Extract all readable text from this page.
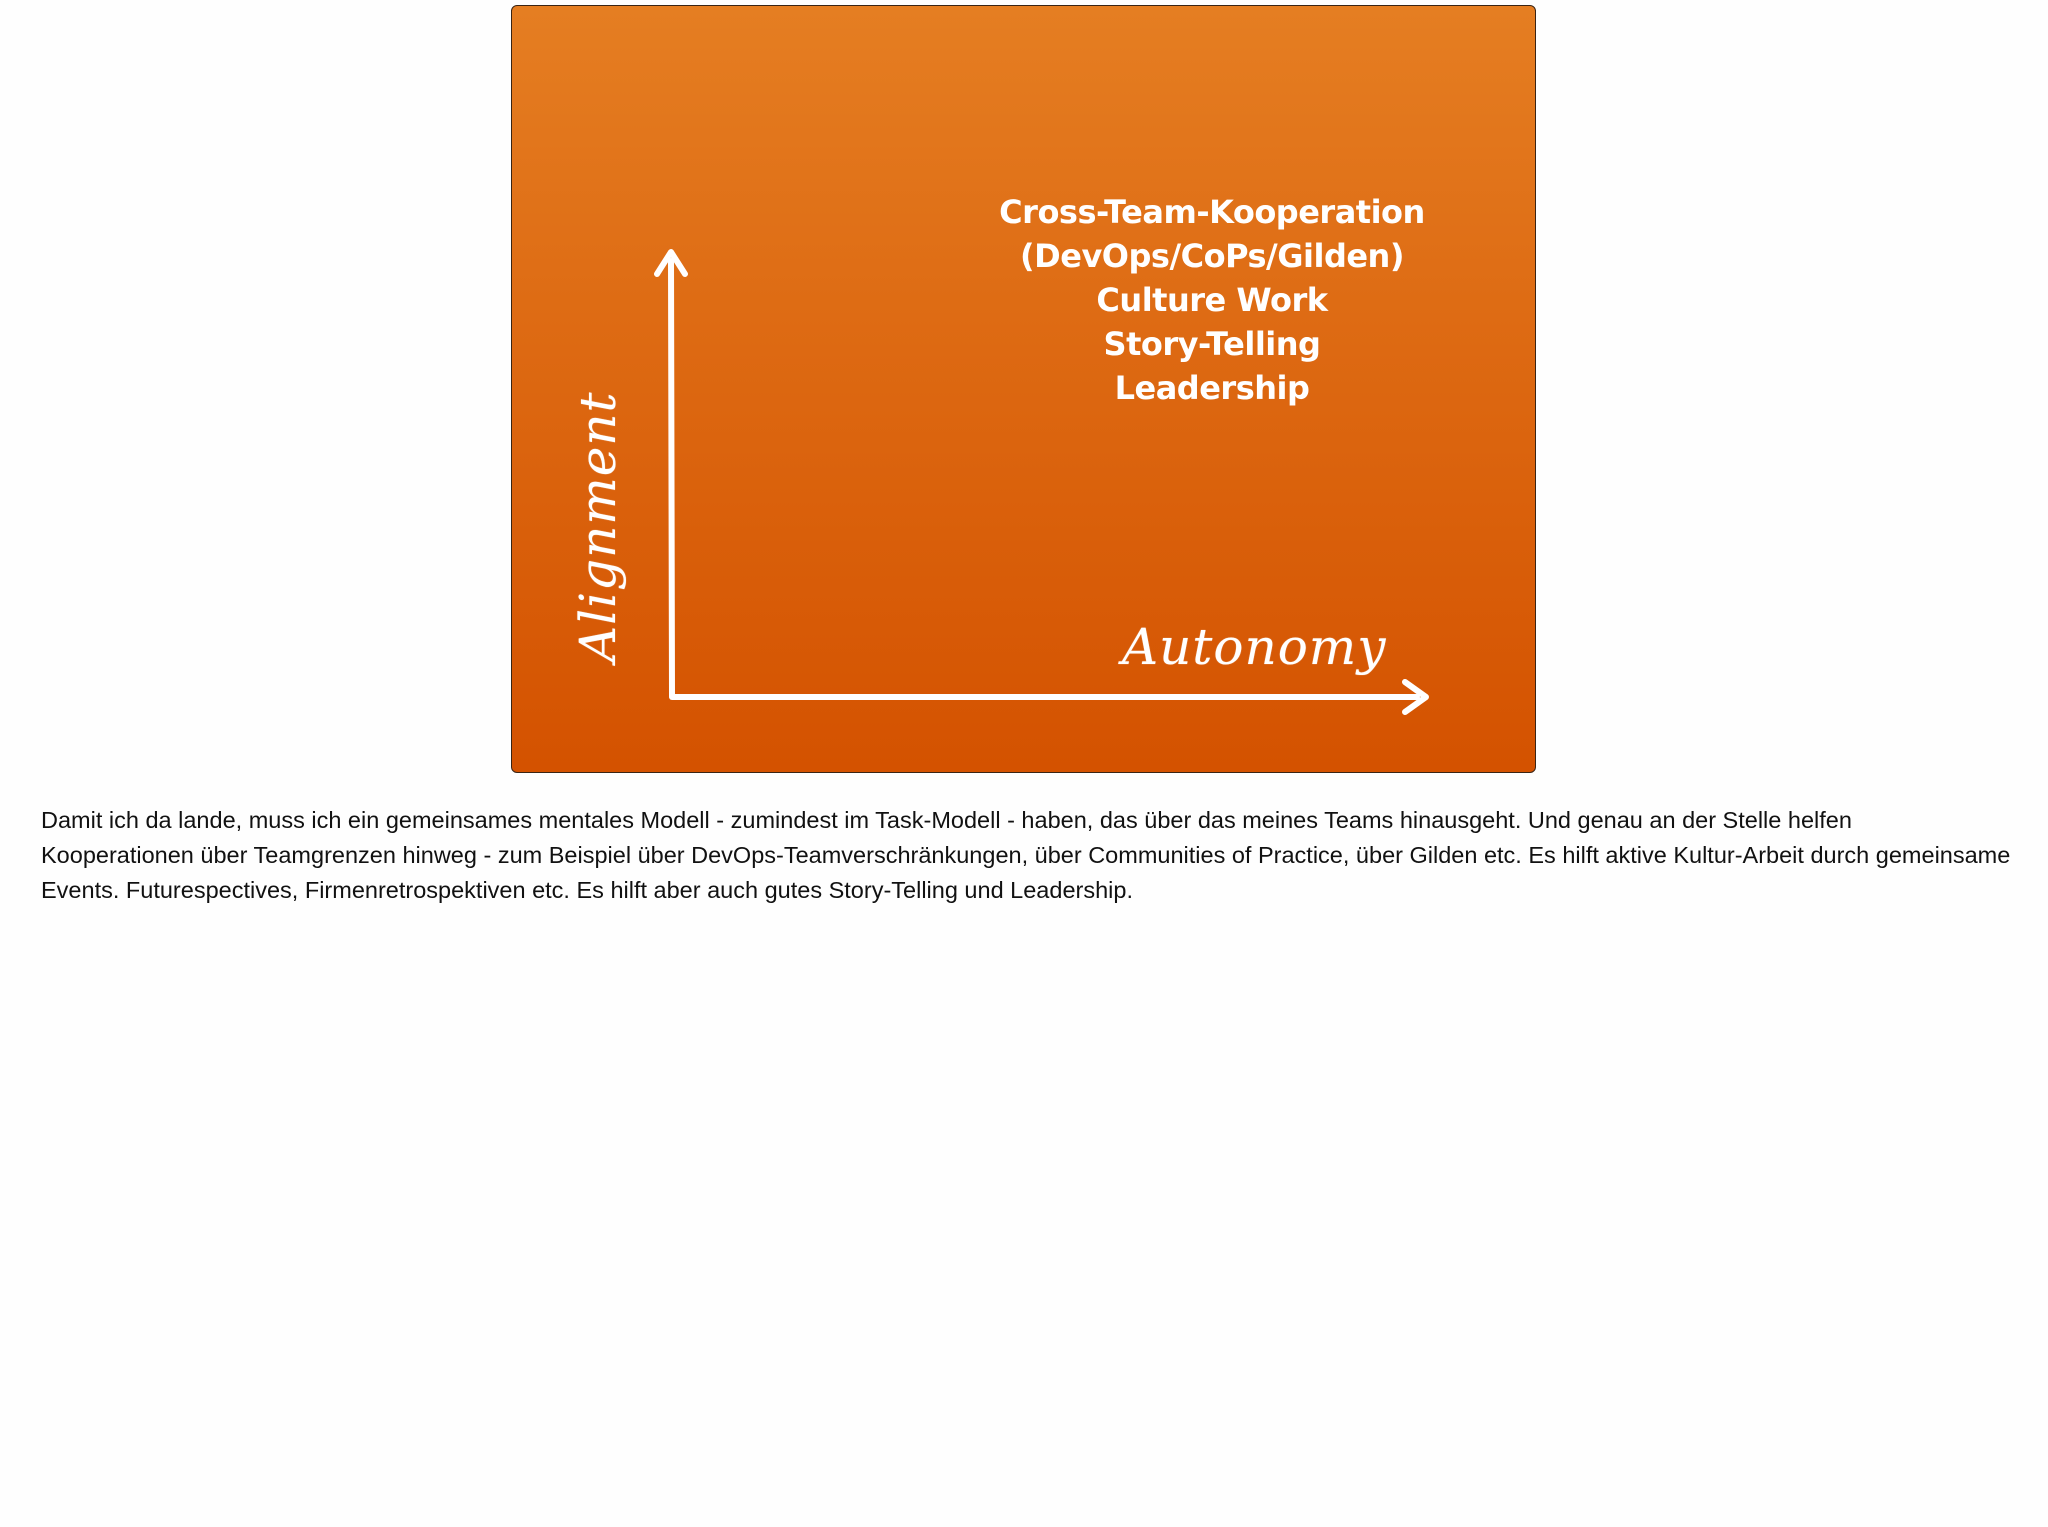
Cross-Team-Kooperation
(DevOps/CoPs/Gilden)
Culture Work
Story-Telling
Leadership
Autonomy
Alignment
Damit ich da lande, muss ich ein gemeinsames mentales Modell - zumindest im Task-Modell - haben, das über das meines Teams hinausgeht. Und genau an der Stelle helfen Kooperationen über Teamgrenzen hinweg - zum Beispiel über DevOps-Teamverschränkungen, über Communities of Practice, über Gilden etc. Es hilft aktive Kultur-Arbeit durch gemeinsame Events. Futurespectives, Firmenretrospektiven etc. Es hilft aber auch gutes Story-Telling und Leadership.
